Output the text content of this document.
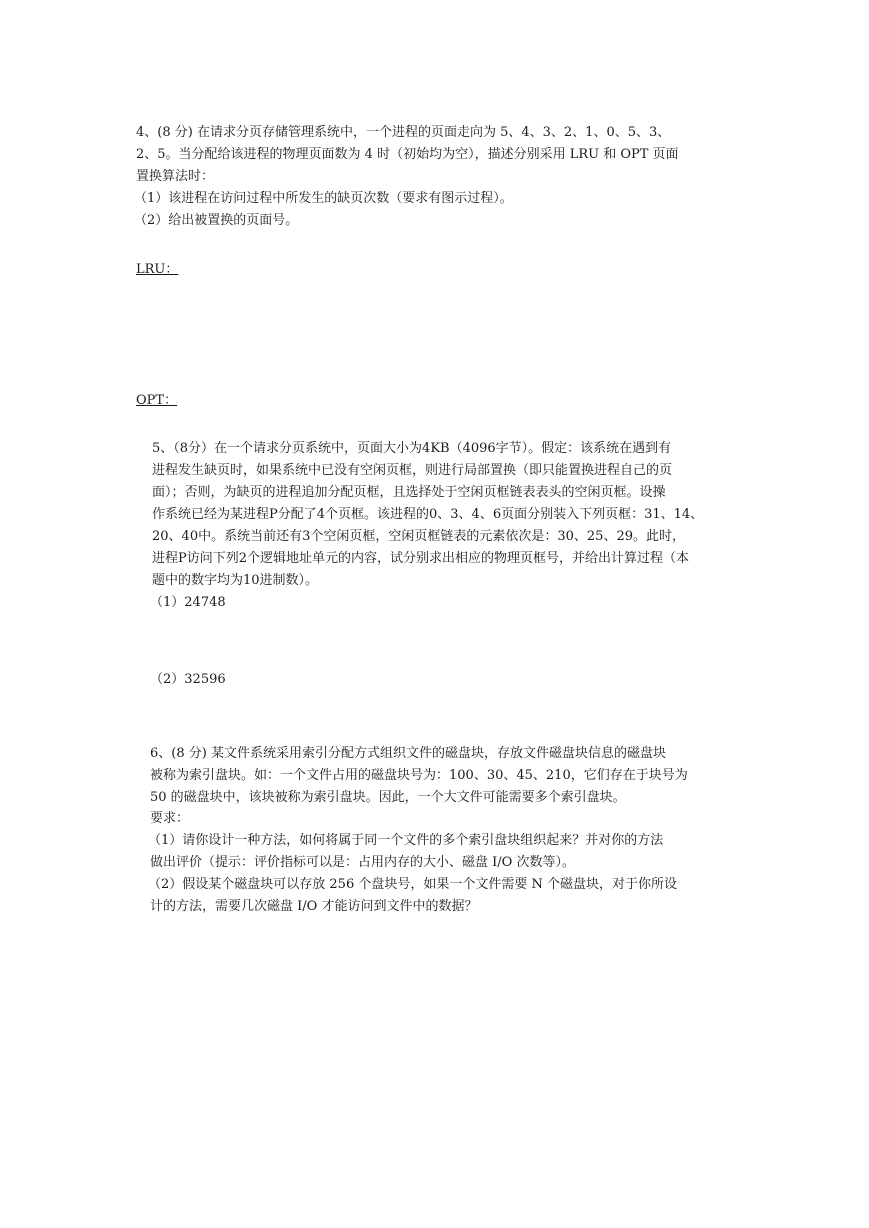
4、(8 分) 在请求分页存储管理系统中，一个进程的页面走向为 5、4、3、2、1、0、5、3、
2、5。当分配给该进程的物理页面数为 4 时（初始均为空），描述分别采用 LRU 和 OPT 页面
置换算法时：
（1）该进程在访问过程中所发生的缺页次数（要求有图示过程）。
（2）给出被置换的页面号。
LRU：
OPT：
5、（8分）在一个请求分页系统中，页面大小为4KB（4096字节）。假定：该系统在遇到有
进程发生缺页时，如果系统中已没有空闲页框，则进行局部置换（即只能置换进程自己的页
面）；否则，为缺页的进程追加分配页框，且选择处于空闲页框链表表头的空闲页框。设操
作系统已经为某进程P分配了4个页框。该进程的0、3、4、6页面分别装入下列页框：31、14、
20、40中。系统当前还有3个空闲页框，空闲页框链表的元素依次是：30、25、29。此时，
进程P访问下列2个逻辑地址单元的内容，试分别求出相应的物理页框号，并给出计算过程（本
题中的数字均为10进制数）。
（1）24748
（2）32596
6、(8 分) 某文件系统采用索引分配方式组织文件的磁盘块，存放文件磁盘块信息的磁盘块
被称为索引盘块。如：一个文件占用的磁盘块号为：100、30、45、210，它们存在于块号为
50 的磁盘块中，该块被称为索引盘块。因此，一个大文件可能需要多个索引盘块。
要求：
（1）请你设计一种方法，如何将属于同一个文件的多个索引盘块组织起来？并对你的方法
做出评价（提示：评价指标可以是：占用内存的大小、磁盘 I/O 次数等）。
（2）假设某个磁盘块可以存放 256 个盘块号，如果一个文件需要 N 个磁盘块，对于你所设
计的方法，需要几次磁盘 I/O 才能访问到文件中的数据？
